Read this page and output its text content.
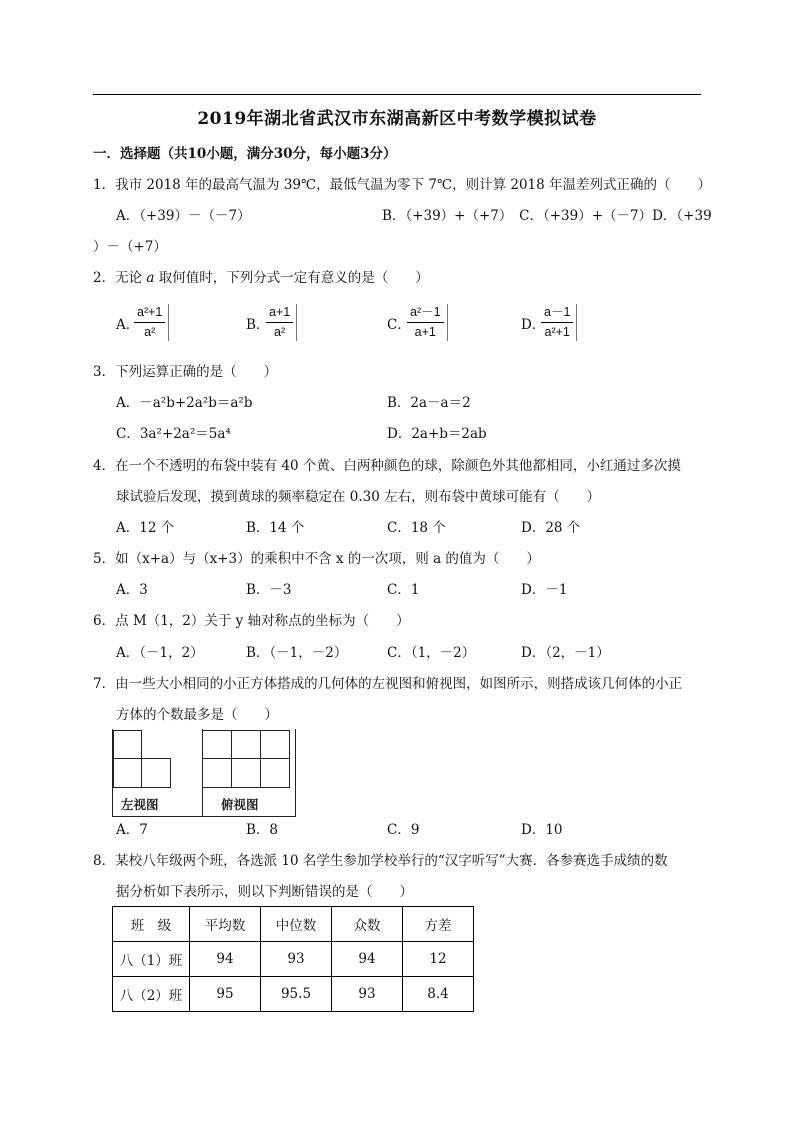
2019年湖北省武汉市东湖高新区中考数学模拟试卷
一．选择题（共10小题，满分30分，每小题3分）
1．我市 2018 年的最高气温为 39℃，最低气温为零下 7℃，则计算 2018 年温差列式正确的（　　）
A．（+39）－（－7）	B．（+39）+（+7）　C．（+39）+（－7）D．（+39
）－（+7）
2．无论 a 取何值时，下列分式一定有意义的是（　　）
A．
a²+1
a²	B．
a+1
a²	C．
a²－1
a+1	D．
a－1
a²+1
3．下列运算正确的是（　　）
A．－a²b+2a²b＝a²b	B．2a－a＝2
C．3a²+2a²＝5a⁴	D．2a+b＝2ab
4．在一个不透明的布袋中装有 40 个黄、白两种颜色的球，除颜色外其他都相同，小红通过多次摸
球试验后发现，摸到黄球的频率稳定在 0.30 左右，则布袋中黄球可能有（　　）
A．12 个	B．14 个	C．18 个	D．28 个
5．如（x+a）与（x+3）的乘积中不含 x 的一次项，则 a 的值为（　　）
A．3	B．－3	C．1	D．－1
6．点 M（1，2）关于 y 轴对称点的坐标为（　　）
A．（－1，2）	B．（－1，－2）	C．（1，－2）	D．（2，－1）
7．由一些大小相同的小正方体搭成的几何体的左视图和俯视图，如图所示，则搭成该几何体的小正
方体的个数最多是（　　）
左视图	俯视图
A．7	B．8	C．9	D．10
8．某校八年级两个班，各选派 10 名学生参加学校举行的“汉字听写”大赛．各参赛选手成绩的数
据分析如下表所示，则以下判断错误的是（　　）
班　级	平均数	中位数	众数	方差
八（1）班	94	93	94	12
八（2）班	95	95.5	93	8.4
